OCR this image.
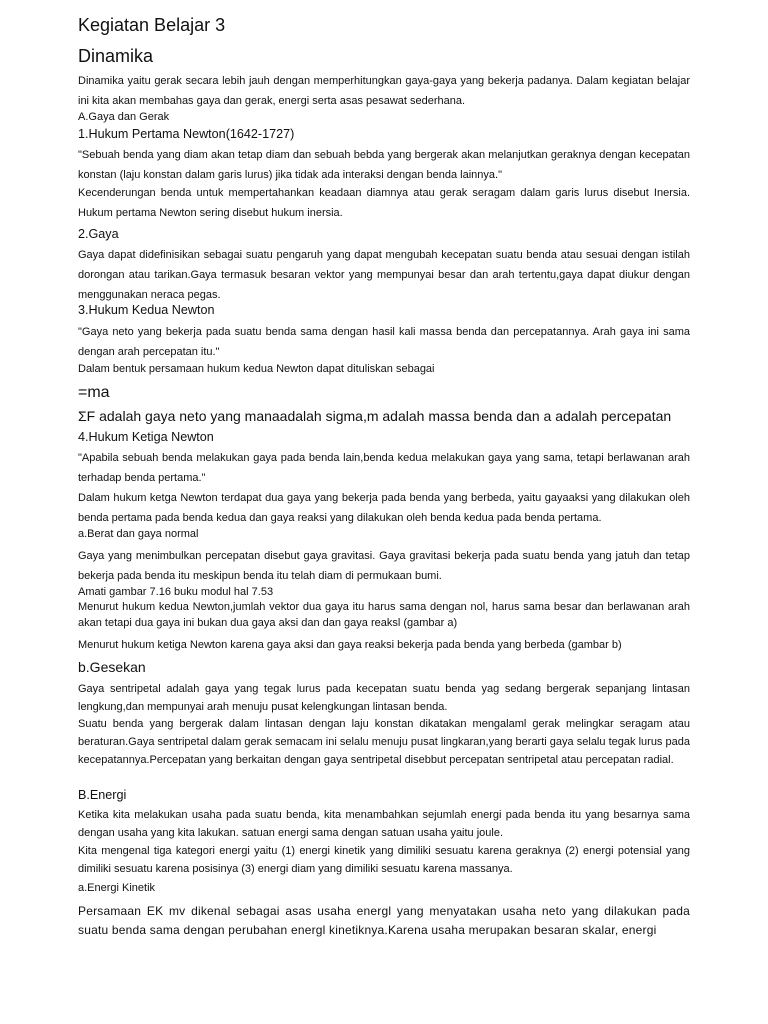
Kegiatan Belajar 3
Dinamika
Dinamika yaitu gerak secara lebih jauh dengan memperhitungkan gaya-gaya yang bekerja padanya. Dalam kegiatan belajar ini kita akan membahas gaya dan gerak, energi serta asas pesawat sederhana.
A.Gaya dan Gerak
1.Hukum Pertama Newton(1642-1727)
"Sebuah benda yang diam akan tetap diam dan sebuah bebda yang bergerak akan melanjutkan geraknya dengan kecepatan konstan (laju konstan dalam garis lurus) jika tidak ada interaksi dengan benda lainnya."
Kecenderungan benda untuk mempertahankan keadaan diamnya atau gerak seragam dalam garis lurus disebut Inersia. Hukum pertama Newton sering disebut hukum inersia.
2.Gaya
Gaya dapat didefinisikan sebagai suatu pengaruh yang dapat mengubah kecepatan suatu benda atau sesuai dengan istilah dorongan atau tarikan.Gaya termasuk besaran vektor yang mempunyai besar dan arah tertentu,gaya dapat diukur dengan menggunakan neraca pegas.
3.Hukum Kedua Newton
"Gaya neto yang bekerja pada suatu benda sama dengan hasil kali massa benda dan percepatannya. Arah gaya ini sama dengan arah percepatan itu."
Dalam bentuk persamaan hukum kedua Newton dapat dituliskan sebagai
=ma
ΣF adalah gaya neto yang manaadalah sigma,m adalah massa benda dan a adalah percepatan
4.Hukum Ketiga Newton
"Apabila sebuah benda melakukan gaya pada benda lain,benda kedua melakukan gaya yang sama, tetapi berlawanan arah terhadap benda pertama."
Dalam hukum ketga Newton terdapat dua gaya yang bekerja pada benda yang berbeda, yaitu gayaaksi yang dilakukan oleh benda pertama pada benda kedua dan gaya reaksi yang dilakukan oleh benda kedua pada benda pertama.
a.Berat dan gaya normal
Gaya yang menimbulkan percepatan disebut gaya gravitasi. Gaya gravitasi bekerja pada suatu benda yang jatuh dan tetap bekerja pada benda itu meskipun benda itu telah diam di permukaan bumi.
Amati gambar 7.16 buku modul hal 7.53
Menurut hukum kedua Newton,jumlah vektor dua gaya itu harus sama dengan nol, harus sama besar dan berlawanan arah akan tetapi dua gaya ini bukan dua gaya aksi dan dan gaya reaksl (gambar a)
Menurut hukum ketiga Newton karena gaya aksi dan gaya reaksi bekerja pada benda yang berbeda (gambar b)
b.Gesekan
Gaya sentripetal adalah gaya yang tegak lurus pada kecepatan suatu benda yag sedang bergerak sepanjang lintasan lengkung,dan mempunyai arah menuju pusat kelengkungan lintasan benda.
Suatu benda yang bergerak dalam lintasan dengan laju konstan dikatakan mengalaml gerak melingkar seragam atau beraturan.Gaya sentripetal dalam gerak semacam ini selalu menuju pusat lingkaran,yang berarti gaya selalu tegak lurus pada kecepatannya.Percepatan yang berkaitan dengan gaya sentripetal disebbut percepatan sentripetal atau percepatan radial.
B.Energi
Ketika kita melakukan usaha pada suatu benda, kita menambahkan sejumlah energi pada benda itu yang besarnya sama dengan usaha yang kita lakukan. satuan energi sama dengan satuan usaha yaitu joule.
Kita mengenal tiga kategori energi yaitu (1) energi kinetik yang dimiliki sesuatu karena geraknya (2) energi potensial yang dimiliki sesuatu karena posisinya (3) energi diam yang dimiliki sesuatu karena massanya.
a.Energi Kinetik
Persamaan EK mv dikenal sebagai asas usaha energl yang menyatakan usaha neto yang dilakukan pada suatu benda sama dengan perubahan energl kinetiknya.Karena usaha merupakan besaran skalar, energi
